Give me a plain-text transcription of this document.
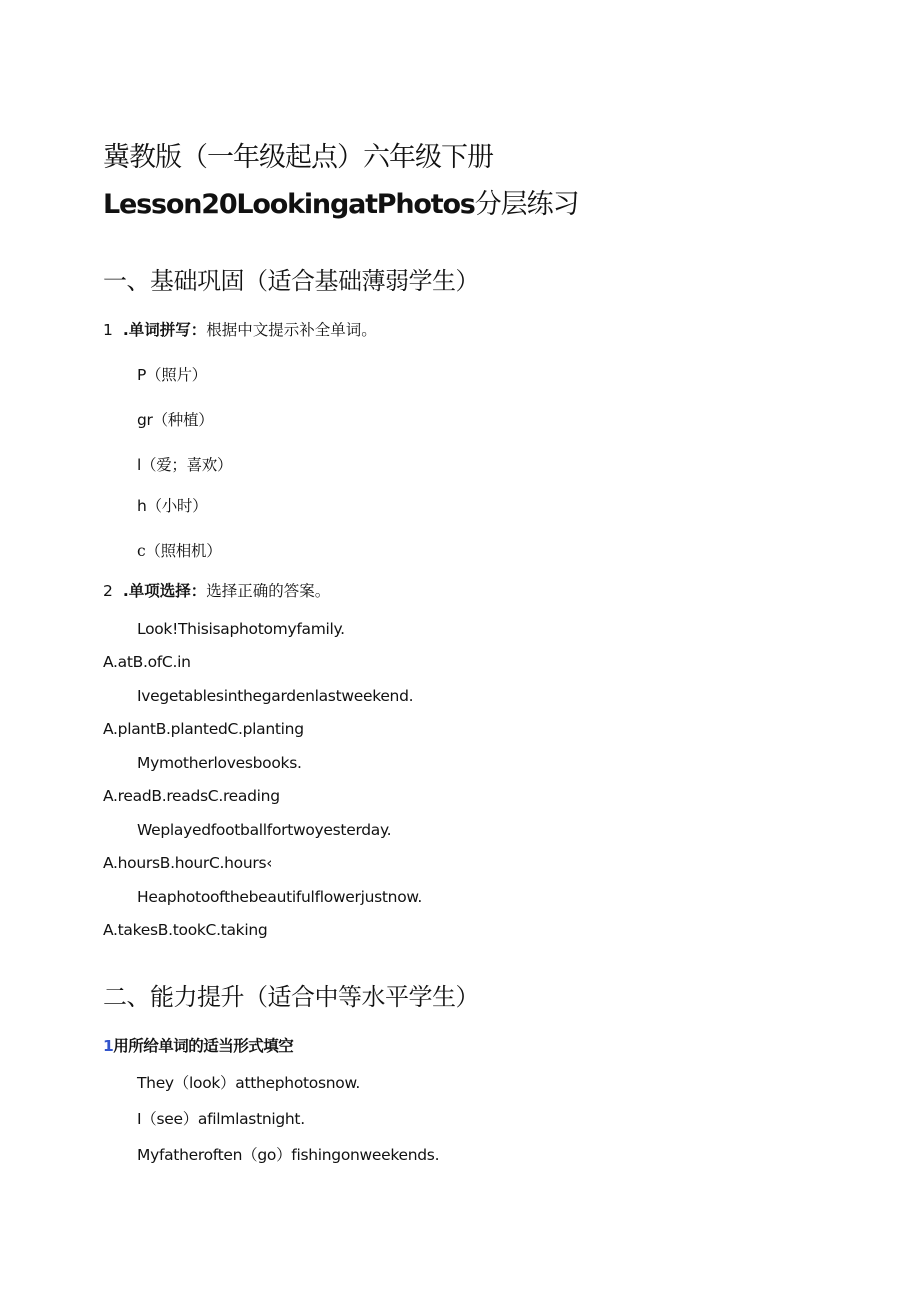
冀教版（一年级起点）六年级下册
Lesson20LookingatPhotos分层练习
一、基础巩固（适合基础薄弱学生）
1 .单词拼写：根据中文提示补全单词。
P（照片）
gr（种植）
l（爱；喜欢）
h（小时）
c（照相机）
2 .单项选择：选择正确的答案。
Look!Thisisaphotomyfamily.
A.atB.ofC.in
Ivegetablesinthegardenlastweekend.
A.plantB.plantedC.planting
Mymotherlovesbooks.
A.readB.readsC.reading
Weplayedfootballfortwoyesterday.
A.hoursB.hourC.hours‹
Heaphotoofthebeautifulflowerjustnow.
A.takesB.tookC.taking
二、能力提升（适合中等水平学生）
1用所给单词的适当形式填空
They（look）atthephotosnow.
I（see）afilmlastnight.
Myfatheroften（go）fishingonweekends.
